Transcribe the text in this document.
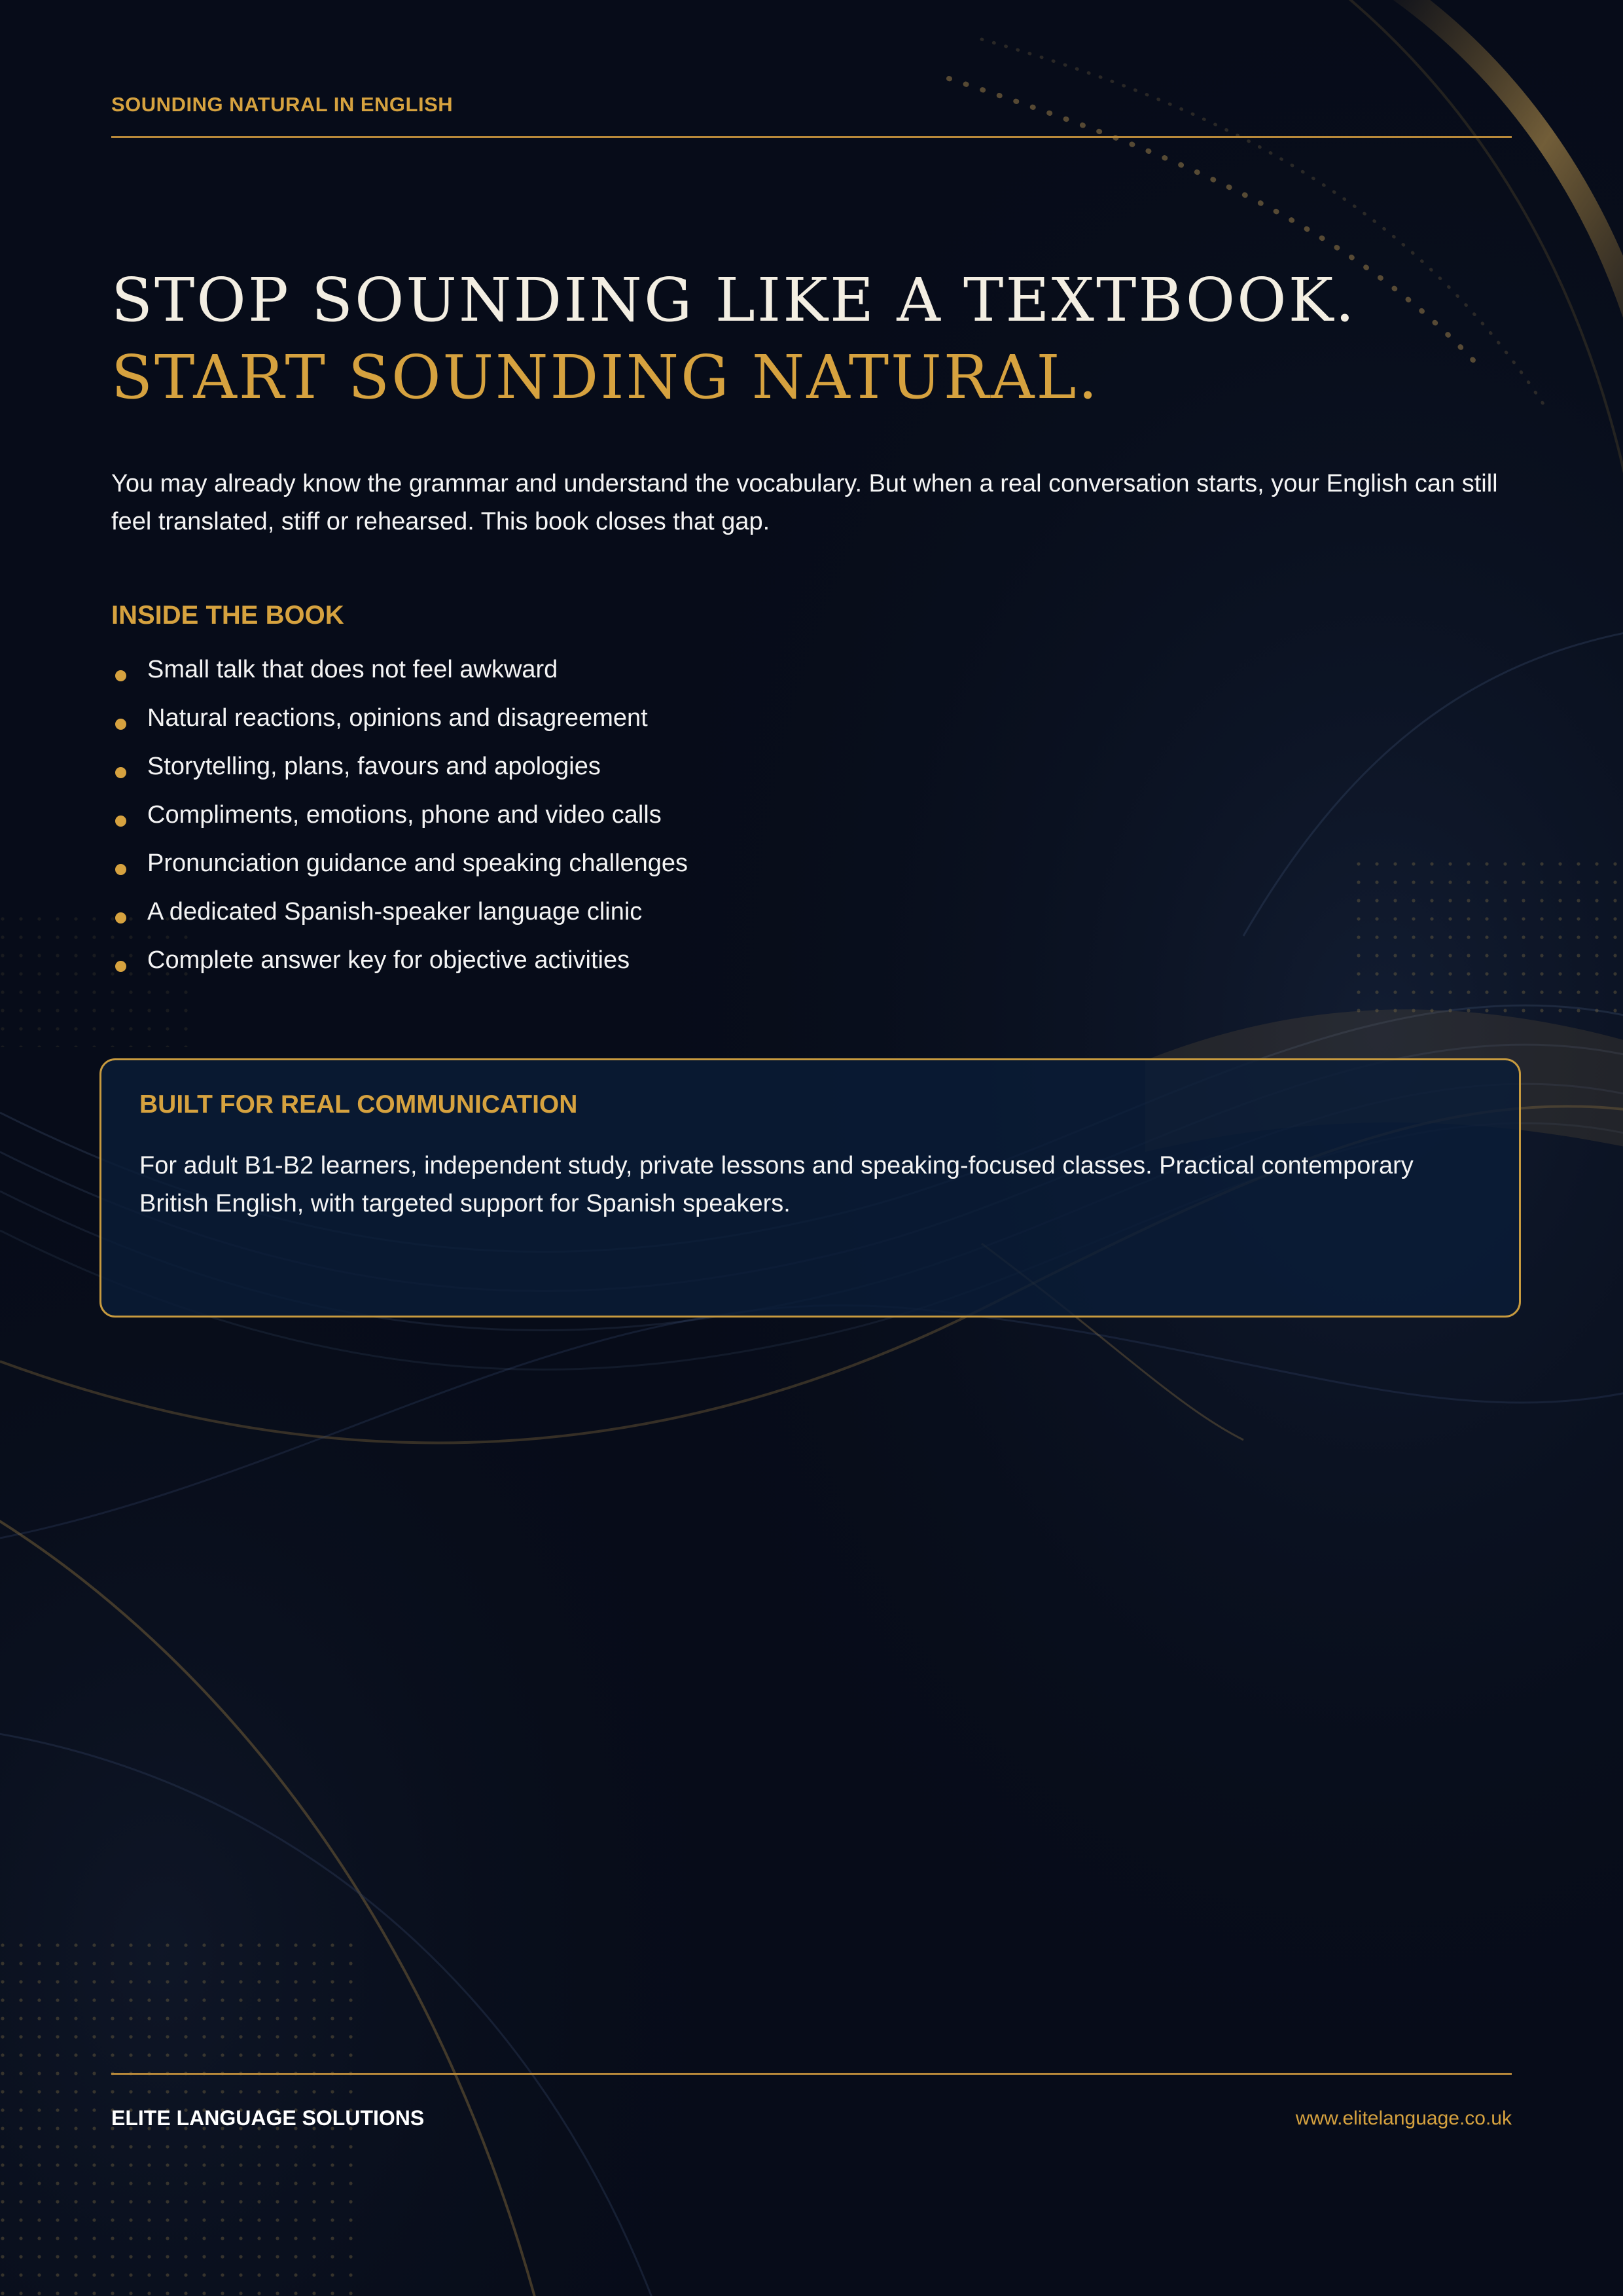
SOUNDING NATURAL IN ENGLISH
STOP SOUNDING LIKE A TEXTBOOK.
START SOUNDING NATURAL.

You may already know the grammar and understand the vocabulary. But when a real conversation starts, your English can still feel translated, stiff or rehearsed. This book closes that gap.

INSIDE THE BOOK
Small talk that does not feel awkward
Natural reactions, opinions and disagreement
Storytelling, plans, favours and apologies
Compliments, emotions, phone and video calls
Pronunciation guidance and speaking challenges
A dedicated Spanish-speaker language clinic
Complete answer key for objective activities
BUILT FOR REAL COMMUNICATION

For adult B1-B2 learners, independent study, private lessons and speaking-focused classes. Practical contemporary British English, with targeted support for Spanish speakers.

ELITE LANGUAGE SOLUTIONS	www.elitelanguage.co.uk
